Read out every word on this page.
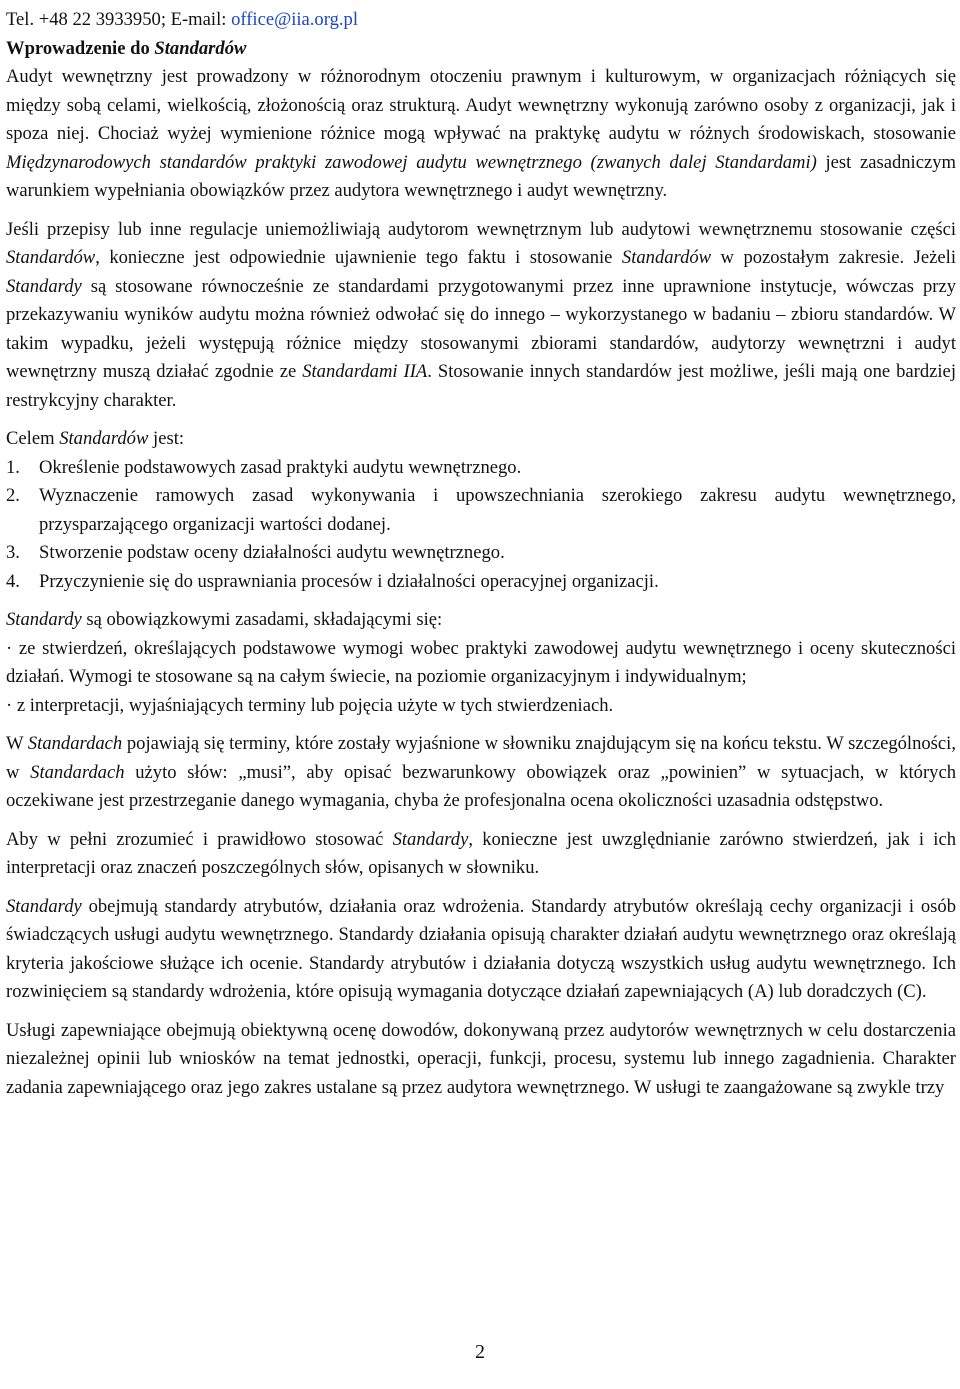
Tel. +48 22 3933950; E-mail: office@iia.org.pl

Wprowadzenie do Standardów

Audyt wewnętrzny jest prowadzony w różnorodnym otoczeniu prawnym i kulturowym, w organizacjach różniących się między sobą celami, wielkością, złożonością oraz strukturą. Audyt wewnętrzny wykonują zarówno osoby z organizacji, jak i spoza niej. Chociaż wyżej wymienione różnice mogą wpływać na praktykę audytu w różnych środowiskach, stosowanie Międzynarodowych standardów praktyki zawodowej audytu wewnętrznego (zwanych dalej Standardami) jest zasadniczym warunkiem wypełniania obowiązków przez audytora wewnętrznego i audyt wewnętrzny.

Jeśli przepisy lub inne regulacje uniemożliwiają audytorom wewnętrznym lub audytowi wewnętrznemu stosowanie części Standardów, konieczne jest odpowiednie ujawnienie tego faktu i stosowanie Standardów w pozostałym zakresie. Jeżeli Standardy są stosowane równocześnie ze standardami przygotowanymi przez inne uprawnione instytucje, wówczas przy przekazywaniu wyników audytu można również odwołać się do innego – wykorzystanego w badaniu – zbioru standardów. W takim wypadku, jeżeli występują różnice między stosowanymi zbiorami standardów, audytorzy wewnętrzni i audyt wewnętrzny muszą działać zgodnie ze Standardami IIA. Stosowanie innych standardów jest możliwe, jeśli mają one bardziej restrykcyjny charakter.

Celem Standardów jest:

1. Określenie podstawowych zasad praktyki audytu wewnętrznego.
2. Wyznaczenie ramowych zasad wykonywania i upowszechniania szerokiego zakresu audytu wewnętrznego, przysparzającego organizacji wartości dodanej.
3. Stworzenie podstaw oceny działalności audytu wewnętrznego.
4. Przyczynienie się do usprawniania procesów i działalności operacyjnej organizacji.

Standardy są obowiązkowymi zasadami, składającymi się:

· ze stwierdzeń, określających podstawowe wymogi wobec praktyki zawodowej audytu wewnętrznego i oceny skuteczności działań. Wymogi te stosowane są na całym świecie, na poziomie organizacyjnym i indywidualnym;

· z interpretacji, wyjaśniających terminy lub pojęcia użyte w tych stwierdzeniach.

W Standardach pojawiają się terminy, które zostały wyjaśnione w słowniku znajdującym się na końcu tekstu. W szczególności, w Standardach użyto słów: „musi”, aby opisać bezwarunkowy obowiązek oraz „powinien” w sytuacjach, w których oczekiwane jest przestrzeganie danego wymagania, chyba że profesjonalna ocena okoliczności uzasadnia odstępstwo.

Aby w pełni zrozumieć i prawidłowo stosować Standardy, konieczne jest uwzględnianie zarówno stwierdzeń, jak i ich interpretacji oraz znaczeń poszczególnych słów, opisanych w słowniku.

Standardy obejmują standardy atrybutów, działania oraz wdrożenia. Standardy atrybutów określają cechy organizacji i osób świadczących usługi audytu wewnętrznego. Standardy działania opisują charakter działań audytu wewnętrznego oraz określają kryteria jakościowe służące ich ocenie. Standardy atrybutów i działania dotyczą wszystkich usług audytu wewnętrznego. Ich rozwinięciem są standardy wdrożenia, które opisują wymagania dotyczące działań zapewniających (A) lub doradczych (C).

Usługi zapewniające obejmują obiektywną ocenę dowodów, dokonywaną przez audytorów wewnętrznych w celu dostarczenia niezależnej opinii lub wniosków na temat jednostki, operacji, funkcji, procesu, systemu lub innego zagadnienia. Charakter zadania zapewniającego oraz jego zakres ustalane są przez audytora wewnętrznego. W usługi te zaangażowane są zwykle trzy

2
